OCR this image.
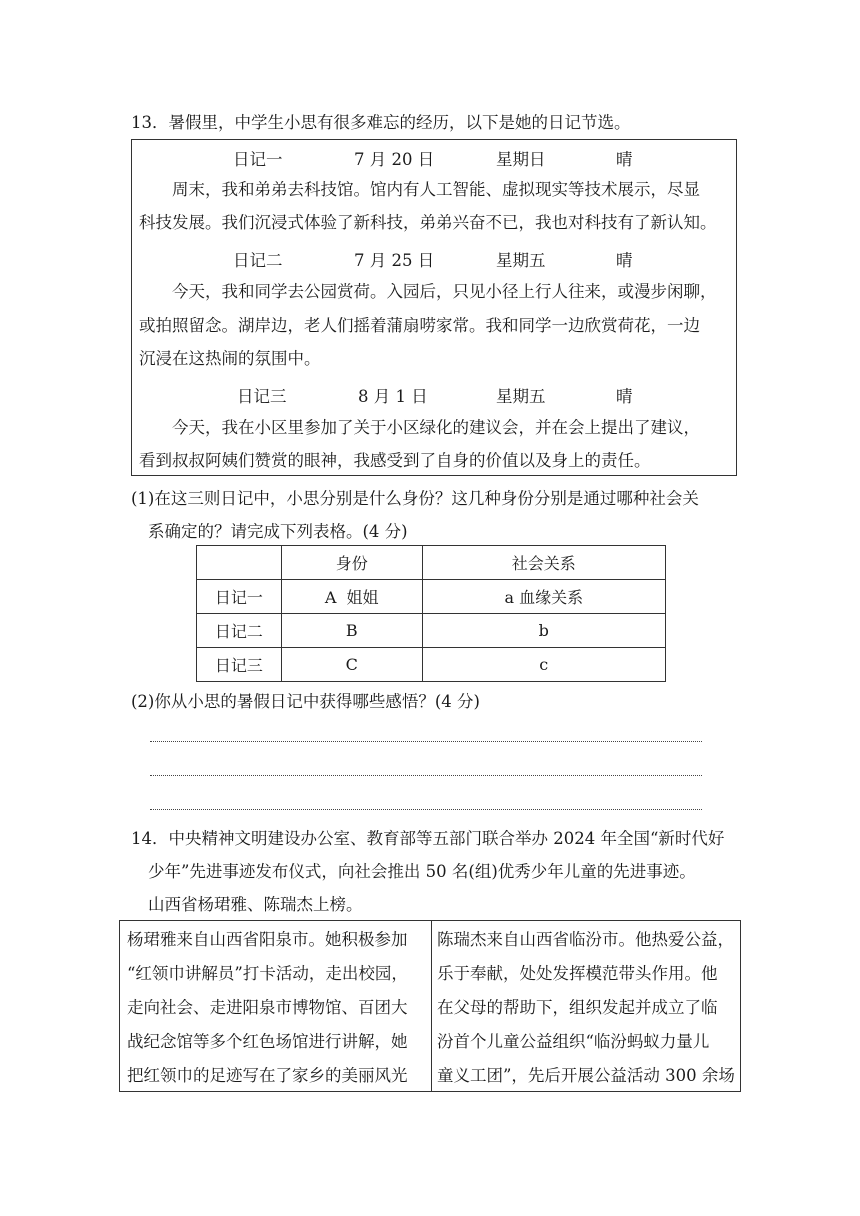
13．暑假里，中学生小思有很多难忘的经历，以下是她的日记节选。
日记一	7 月 20 日	星期日	晴
周末，我和弟弟去科技馆。馆内有人工智能、虚拟现实等技术展示，尽显
科技发展。我们沉浸式体验了新科技，弟弟兴奋不已，我也对科技有了新认知。
日记二	7 月 25 日	星期五	晴
今天，我和同学去公园赏荷。入园后，只见小径上行人往来，或漫步闲聊，
或拍照留念。湖岸边，老人们摇着蒲扇唠家常。我和同学一边欣赏荷花，一边
沉浸在这热闹的氛围中。
日记三	8 月 1 日	星期五	晴
今天，我在小区里参加了关于小区绿化的建议会，并在会上提出了建议，
看到叔叔阿姨们赞赏的眼神，我感受到了自身的价值以及身上的责任。
(1)在这三则日记中，小思分别是什么身份？这几种身份分别是通过哪种社会关
系确定的？请完成下列表格。(4 分)
	身份	社会关系
日记一	A  姐姐	a 血缘关系
日记二	B	b
日记三	C	c
(2)你从小思的暑假日记中获得哪些感悟？(4 分)
14．中央精神文明建设办公室、教育部等五部门联合举办 2024 年全国“新时代好
少年”先进事迹发布仪式，向社会推出 50 名(组)优秀少年儿童的先进事迹。
山西省杨珺雅、陈瑞杰上榜。
杨珺雅来自山西省阳泉市。她积极参加
“红领巾讲解员”打卡活动，走出校园，
走向社会、走进阳泉市博物馆、百团大
战纪念馆等多个红色场馆进行讲解，她
把红领巾的足迹写在了家乡的美丽风光
陈瑞杰来自山西省临汾市。他热爱公益，
乐于奉献，处处发挥模范带头作用。他
在父母的帮助下，组织发起并成立了临
汾首个儿童公益组织“临汾蚂蚁力量儿
童义工团”，先后开展公益活动 300 余场
